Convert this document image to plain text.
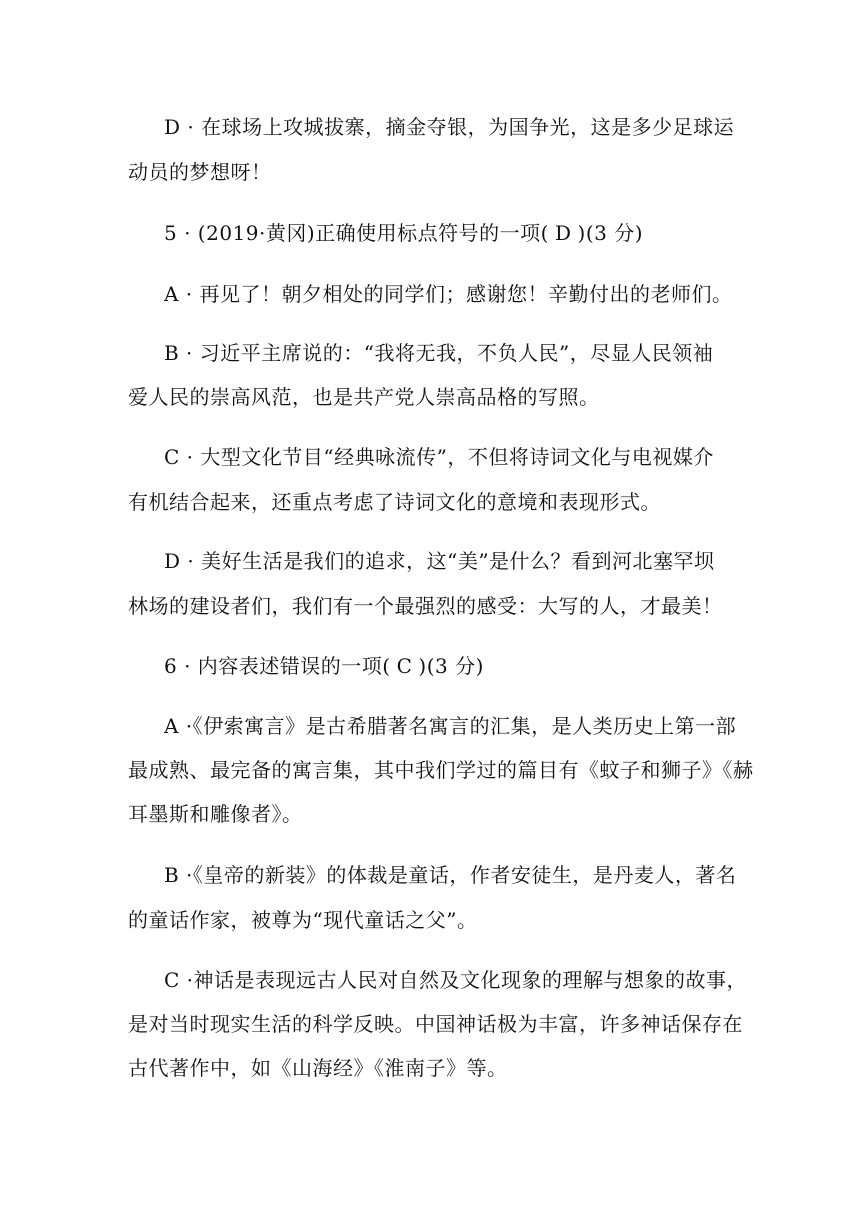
D · 在球场上攻城拔寨，摘金夺银，为国争光，这是多少足球运
动员的梦想呀！
5 · (2019·黄冈)正确使用标点符号的一项( D )(3 分)
A · 再见了！朝夕相处的同学们；感谢您！辛勤付出的老师们。
B · 习近平主席说的：“我将无我，不负人民”，尽显人民领袖
爱人民的崇高风范，也是共产党人崇高品格的写照。
C · 大型文化节目“经典咏流传”，不但将诗词文化与电视媒介
有机结合起来，还重点考虑了诗词文化的意境和表现形式。
D · 美好生活是我们的追求，这“美”是什么？看到河北塞罕坝
林场的建设者们，我们有一个最强烈的感受：大写的人，才最美！
6 · 内容表述错误的一项( C )(3 分)
A ·《伊索寓言》是古希腊著名寓言的汇集，是人类历史上第一部
最成熟、最完备的寓言集，其中我们学过的篇目有《蚊子和狮子》《赫
耳墨斯和雕像者》。
B ·《皇帝的新装》的体裁是童话，作者安徒生，是丹麦人，著名
的童话作家，被尊为“现代童话之父”。
C ·神话是表现远古人民对自然及文化现象的理解与想象的故事，
是对当时现实生活的科学反映。中国神话极为丰富，许多神话保存在
古代著作中，如《山海经》《淮南子》等。
